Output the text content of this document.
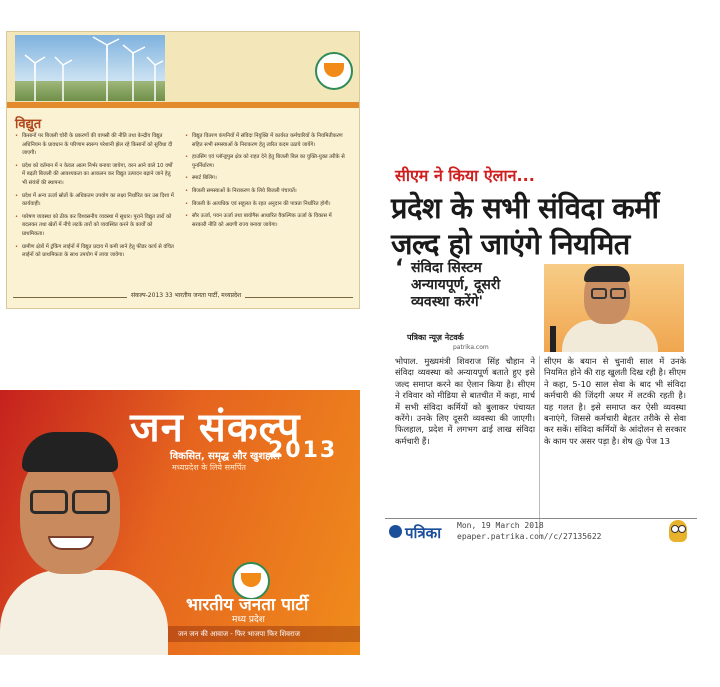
विद्युत
• किसानों पर बिजली चोरी के प्रकरणों की वापसी की नीति तथा केन्द्रीय विद्युत अधिनियम के प्रावधान के परिणाम स्वरूप परेशानी झेल रहे किसानों को सुविधा दी जाएगी।
• प्रदेश को वर्तमान में न केवल आत्म निर्भर बनाया जायेगा, वरन आने वाले 10 वर्षों में बढ़ती बिजली की आवश्यकता का आकलन कर विद्युत उत्पादन बढ़ाने जाने हेतु भी संयंत्रों की स्थापना।
• प्रदेश में अन्य ऊर्जा स्रोतों के अधिकतम उपयोग का लक्ष्य निर्धारित कर उस दिशा में कार्यवाही।
• पारेषण व्यवस्था को ठीक कर विश्वसनीय व्यवस्था में सुधार। पुराने विद्युत तारों को बदलकर तथा खेतों में नीचे लटके तारों को व्यवस्थित करने के कार्यों को प्राथमिकता।
• ग्रामीण क्षेत्रों में ट्रंकिंग लाईनों में विद्युत प्रदाय में कमी लाने हेतु फीडर कार्य से वंचित लाईनों को प्राथमिकता के साथ उपयोग में लाया जावेगा।
• विद्युत वितरण कंपनियों में संविदा नियुक्ति में कार्यरत कर्मचारियों के नियमितीकरण सहित सभी समस्याओं के निराकरण हेतु त्वरित कदम उठाये जायेंगे।
• हाउसिंग एवं प्लॉन्ड्रपुल क्षेत्र को राहत देने हेतु बिजली बिल का युक्ति-युक्त तरीके से पुनर्निर्धारण।
• स्मार्ट बिलिंग।
• बिजली समस्याओं के निराकरण के लिये बिजली पंचायतें।
• बिजली के अत्यधिक एवं सहूलत के रहत अनुदान की पात्रता निर्धारित होगी।
• सौर ऊर्जा, पवन ऊर्जा तथा बायोगैस आधारित वैकल्पिक ऊर्जा के विकास में सरकारी नीति को अग्रणी राज्य बनाया जायेगा।
संकल्प-2013 33 भारतीय जनता पार्टी, मध्यप्रदेश
सीएम ने किया ऐलान...
प्रदेश के सभी संविदा कर्मी जल्द हो जाएंगे नियमित
‘ संविदा सिस्टम अन्यायपूर्ण, दूसरी व्यवस्था करेंगे'
पत्रिका न्यूज़ नेटवर्क
patrika.com
भोपाल. मुख्यमंत्री शिवराज सिंह चौहान ने संविदा व्यवस्था को अन्यायपूर्ण बताते हुए इसे जल्द समाप्त करने का ऐलान किया है। सीएम ने रविवार को मीडिया से बातचीत में कहा, मार्च में सभी संविदा कर्मियों को बुलाकर पंचायत करेंगे। उनके लिए दूसरी व्यवस्था की जाएगी। फिलहाल, प्रदेश में लगभग ढाई लाख संविदा कर्मचारी हैं।
सीएम के बयान से चुनावी साल में उनके नियमित होने की राह खुलती दिख रही है। सीएम ने कहा, 5-10 साल सेवा के बाद भी संविदा कर्मचारी की जिंदगी अधर में लटकी रहती है। यह गलत है। इसे समाप्त कर ऐसी व्यवस्था बनाएंगे, जिससे कर्मचारी बेहतर तरीके से सेवा कर सकें। संविदा कर्मियों के आंदोलन से सरकार के काम पर असर पड़ा है। शेष @ पेज 13
पत्रिका Mon, 19 March 2018
epaper.patrika.com//c/27135622
जन संकल्प
विकसित, समृद्ध और खुशहाल
मध्यप्रदेश के लिये समर्पित
2013
भारतीय जनता पार्टी
मध्य प्रदेश
जन जन की आवाज - फिर भाजपा फिर शिवराज
